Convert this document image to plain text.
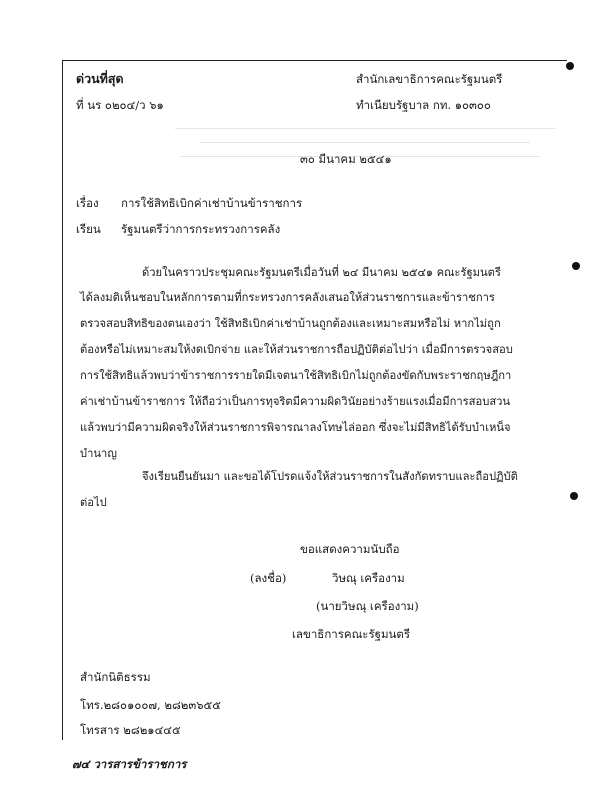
ด่วนที่สุด	สำนักเลขาธิการคณะรัฐมนตรี
ที่ นร ๐๒๐๔/ว ๖๑	ทำเนียบรัฐบาล กท. ๑๐๓๐๐
๓๐ มีนาคม ๒๕๔๑
เรื่อง การใช้สิทธิเบิกค่าเช่าบ้านข้าราชการ
เรียน รัฐมนตรีว่าการกระทรวงการคลัง
ด้วยในคราวประชุมคณะรัฐมนตรีเมื่อวันที่ ๒๔ มีนาคม ๒๕๔๑ คณะรัฐมนตรี
ได้ลงมติเห็นชอบในหลักการตามที่กระทรวงการคลังเสนอให้ส่วนราชการและข้าราชการ
ตรวจสอบสิทธิของตนเองว่า ใช้สิทธิเบิกค่าเช่าบ้านถูกต้องและเหมาะสมหรือไม่ หากไม่ถูก
ต้องหรือไม่เหมาะสมให้งดเบิกจ่าย และให้ส่วนราชการถือปฏิบัติต่อไปว่า เมื่อมีการตรวจสอบ
การใช้สิทธิแล้วพบว่าข้าราชการรายใดมีเจตนาใช้สิทธิเบิกไม่ถูกต้องขัดกับพระราชกฤษฎีกา
ค่าเช่าบ้านข้าราชการ ให้ถือว่าเป็นการทุจริตมีความผิดวินัยอย่างร้ายแรงเมื่อมีการสอบสวน
แล้วพบว่ามีความผิดจริงให้ส่วนราชการพิจารณาลงโทษไล่ออก ซึ่งจะไม่มีสิทธิได้รับบำเหน็จ
บำนาญ
จึงเรียนยืนยันมา และขอได้โปรดแจ้งให้ส่วนราชการในสังกัดทราบและถือปฏิบัติ
ต่อไป
ขอแสดงความนับถือ
(ลงชื่อ)	วิษณุ เครืองาม
(นายวิษณุ เครืองาม)
เลขาธิการคณะรัฐมนตรี
สำนักนิติธรรม
โทร.๒๘๐๑๐๐๗, ๒๘๒๓๖๕๕
โทรสาร ๒๘๒๑๔๔๕
๗๔ วารสารข้าราชการ
